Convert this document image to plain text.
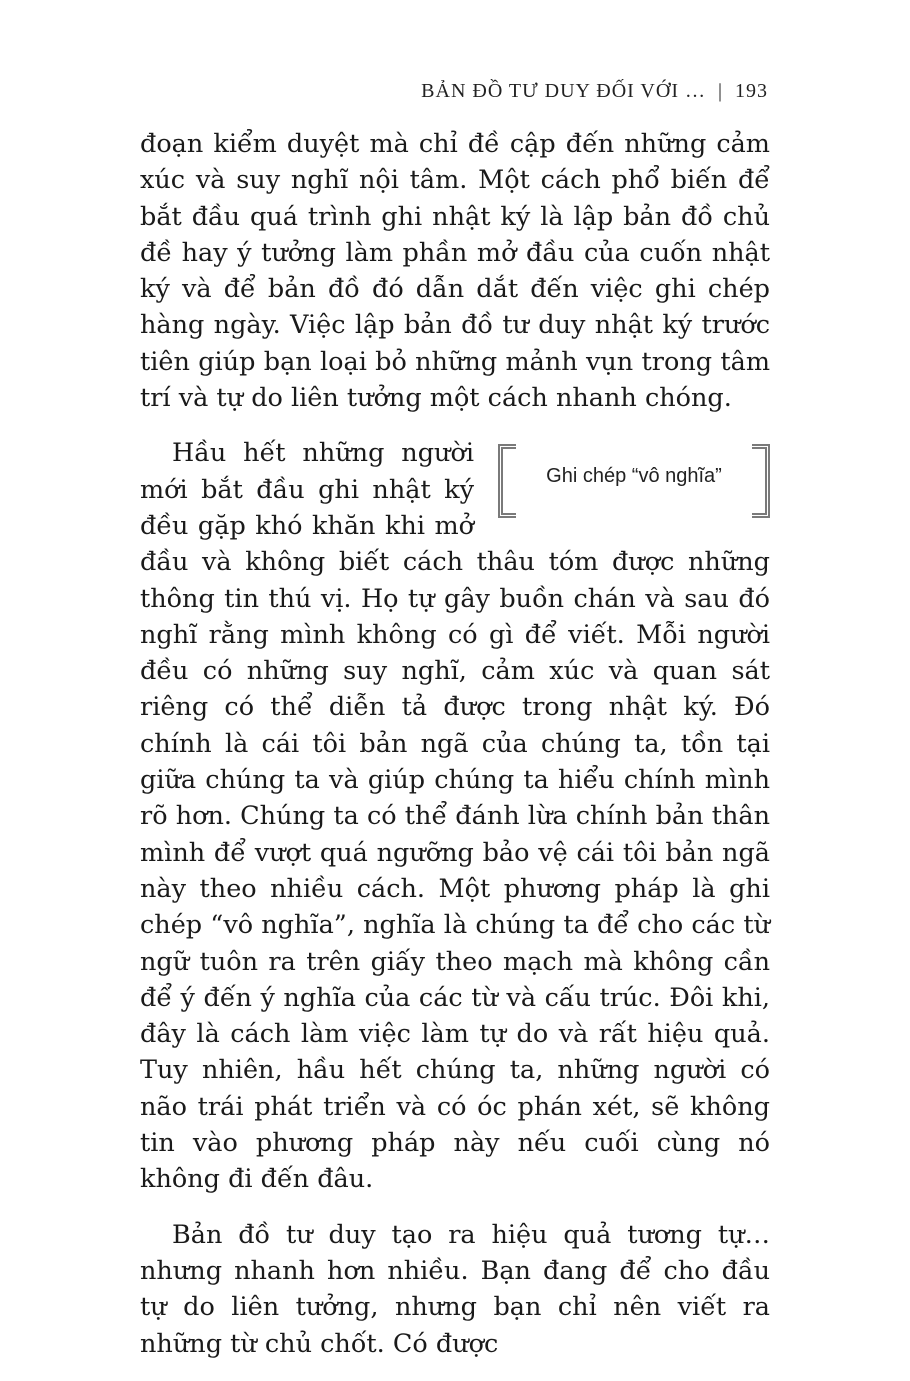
BẢN ĐỒ TƯ DUY ĐỐI VỚI … | 193

đoạn kiểm duyệt mà chỉ đề cập đến những cảm xúc và suy nghĩ nội tâm. Một cách phổ biến để bắt đầu quá trình ghi nhật ký là lập bản đồ chủ đề hay ý tưởng làm phần mở đầu của cuốn nhật ký và để bản đồ đó dẫn dắt đến việc ghi chép hàng ngày. Việc lập bản đồ tư duy nhật ký trước tiên giúp bạn loại bỏ những mảnh vụn trong tâm trí và tự do liên tưởng một cách nhanh chóng.

Ghi chép “vô nghĩa”

Hầu hết những người mới bắt đầu ghi nhật ký đều gặp khó khăn khi mở đầu và không biết cách thâu tóm được những thông tin thú vị. Họ tự gây buồn chán và sau đó nghĩ rằng mình không có gì để viết. Mỗi người đều có những suy nghĩ, cảm xúc và quan sát riêng có thể diễn tả được trong nhật ký. Đó chính là cái tôi bản ngã của chúng ta, tồn tại giữa chúng ta và giúp chúng ta hiểu chính mình rõ hơn. Chúng ta có thể đánh lừa chính bản thân mình để vượt quá ngưỡng bảo vệ cái tôi bản ngã này theo nhiều cách. Một phương pháp là ghi chép “vô nghĩa”, nghĩa là chúng ta để cho các từ ngữ tuôn ra trên giấy theo mạch mà không cần để ý đến ý nghĩa của các từ và cấu trúc. Đôi khi, đây là cách làm việc làm tự do và rất hiệu quả. Tuy nhiên, hầu hết chúng ta, những người có não trái phát triển và có óc phán xét, sẽ không tin vào phương pháp này nếu cuối cùng nó không đi đến đâu.

Bản đồ tư duy tạo ra hiệu quả tương tự… nhưng nhanh hơn nhiều. Bạn đang để cho đầu tự do liên tưởng, nhưng bạn chỉ nên viết ra những từ chủ chốt. Có được
